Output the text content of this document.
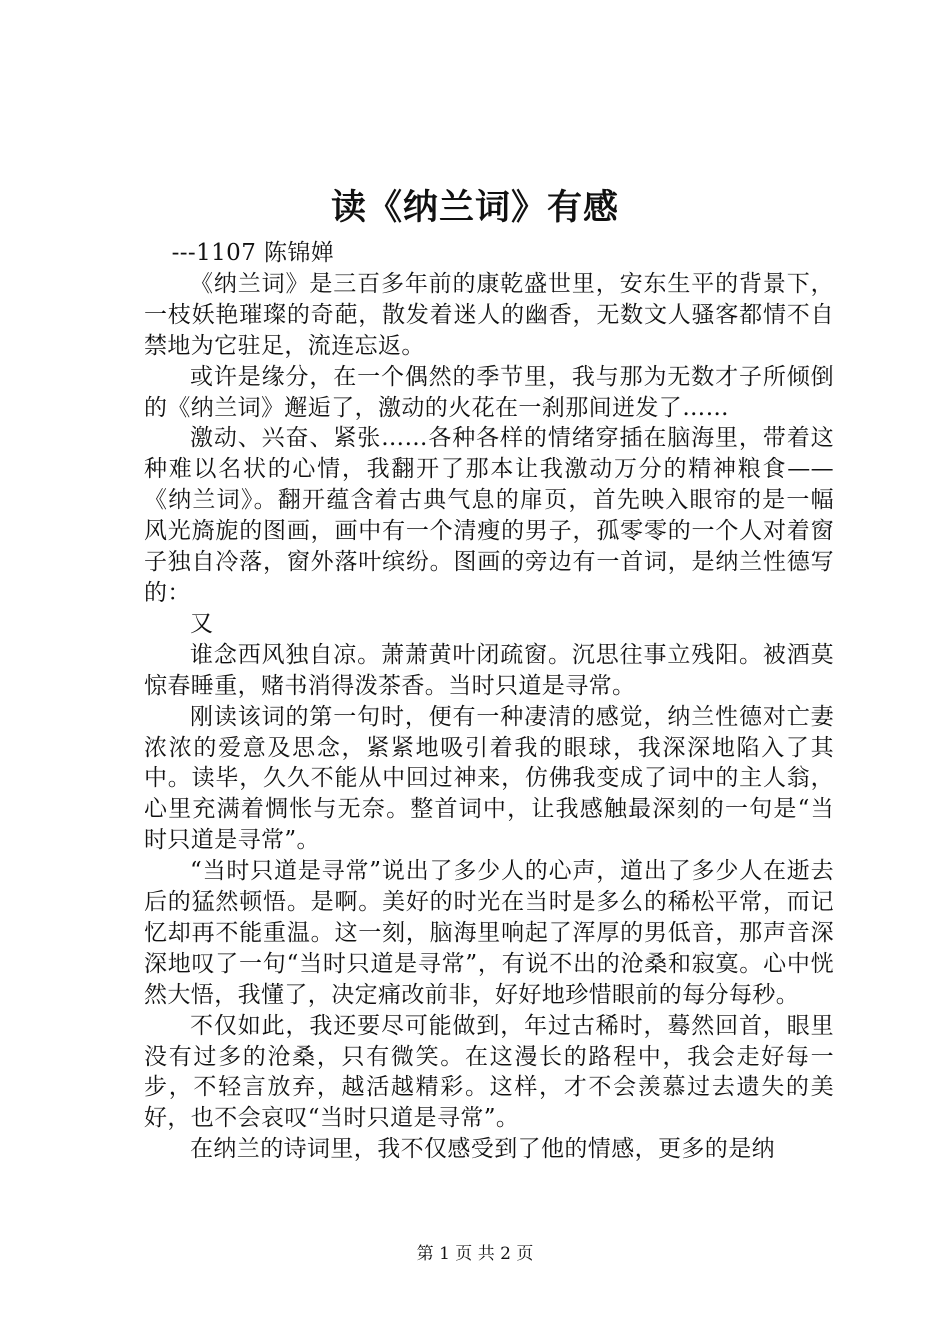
读《纳兰词》有感

---1107 陈锦婵

《纳兰词》是三百多年前的康乾盛世里，安东生平的背景下，一枝妖艳璀璨的奇葩，散发着迷人的幽香，无数文人骚客都情不自禁地为它驻足，流连忘返。

或许是缘分，在一个偶然的季节里，我与那为无数才子所倾倒的《纳兰词》邂逅了，激动的火花在一刹那间迸发了……

激动、兴奋、紧张……各种各样的情绪穿插在脑海里，带着这种难以名状的心情，我翻开了那本让我激动万分的精神粮食——《纳兰词》。翻开蕴含着古典气息的扉页，首先映入眼帘的是一幅风光旖旎的图画，画中有一个清瘦的男子，孤零零的一个人对着窗子独自冷落，窗外落叶缤纷。图画的旁边有一首词，是纳兰性德写的：

又

谁念西风独自凉。萧萧黄叶闭疏窗。沉思往事立残阳。被酒莫惊春睡重，赌书消得泼茶香。当时只道是寻常。

刚读该词的第一句时，便有一种凄清的感觉，纳兰性德对亡妻浓浓的爱意及思念，紧紧地吸引着我的眼球，我深深地陷入了其中。读毕，久久不能从中回过神来，仿佛我变成了词中的主人翁，心里充满着惆怅与无奈。整首词中，让我感触最深刻的一句是“当时只道是寻常”。

“当时只道是寻常”说出了多少人的心声，道出了多少人在逝去后的猛然顿悟。是啊。美好的时光在当时是多么的稀松平常，而记忆却再不能重温。这一刻，脑海里响起了浑厚的男低音，那声音深深地叹了一句“当时只道是寻常”，有说不出的沧桑和寂寞。心中恍然大悟，我懂了，决定痛改前非，好好地珍惜眼前的每分每秒。

不仅如此，我还要尽可能做到，年过古稀时，蓦然回首，眼里没有过多的沧桑，只有微笑。在这漫长的路程中，我会走好每一步，不轻言放弃，越活越精彩。这样，才不会羡慕过去遗失的美好，也不会哀叹“当时只道是寻常”。

在纳兰的诗词里，我不仅感受到了他的情感，更多的是纳

第 1 页 共 2 页
